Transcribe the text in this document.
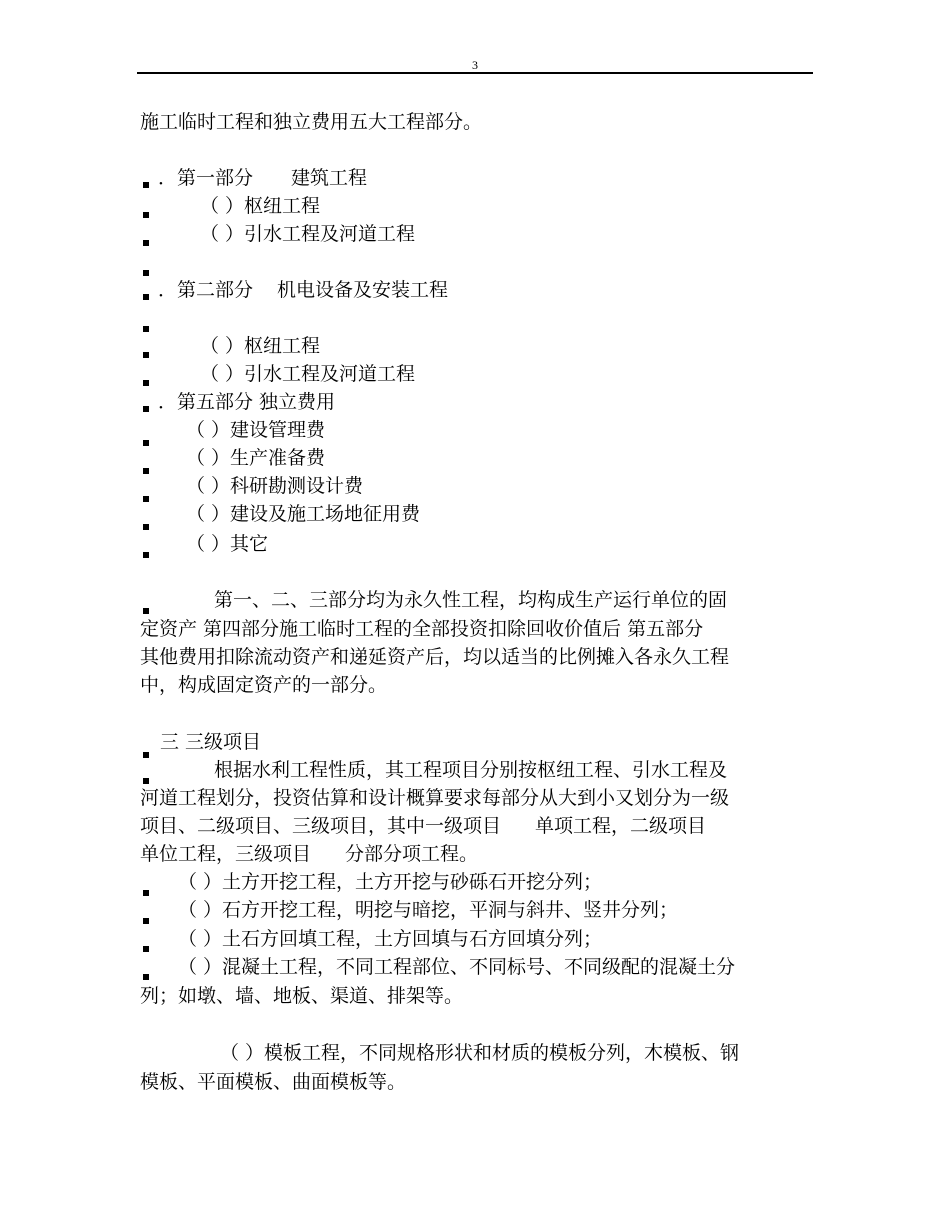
3
施工临时工程和独立费用五大工程部分。
．第一部分 建筑工程
（ ）枢纽工程
（ ）引水工程及河道工程
．第二部分 机电设备及安装工程
（ ）枢纽工程
（ ）引水工程及河道工程
．第五部分 独立费用
（ ）建设管理费
（ ）生产准备费
（ ）科研勘测设计费
（ ）建设及施工场地征用费
（ ）其它
第一、二、三部分均为永久性工程，均构成生产运行单位的固
定资产 第四部分施工临时工程的全部投资扣除回收价值后 第五部分
其他费用扣除流动资产和递延资产后，均以适当的比例摊入各永久工程
中，构成固定资产的一部分。
三 三级项目
根据水利工程性质，其工程项目分别按枢纽工程、引水工程及
河道工程划分，投资估算和设计概算要求每部分从大到小又划分为一级
项目、二级项目、三级项目，其中一级项目 单项工程，二级项目
单位工程，三级项目 分部分项工程。
（ ）土方开挖工程，土方开挖与砂砾石开挖分列；
（ ）石方开挖工程，明挖与暗挖，平洞与斜井、竖井分列；
（ ）土石方回填工程，土方回填与石方回填分列；
（ ）混凝土工程，不同工程部位、不同标号、不同级配的混凝土分
列；如墩、墙、地板、渠道、排架等。
（ ）模板工程，不同规格形状和材质的模板分列，木模板、钢
模板、平面模板、曲面模板等。
